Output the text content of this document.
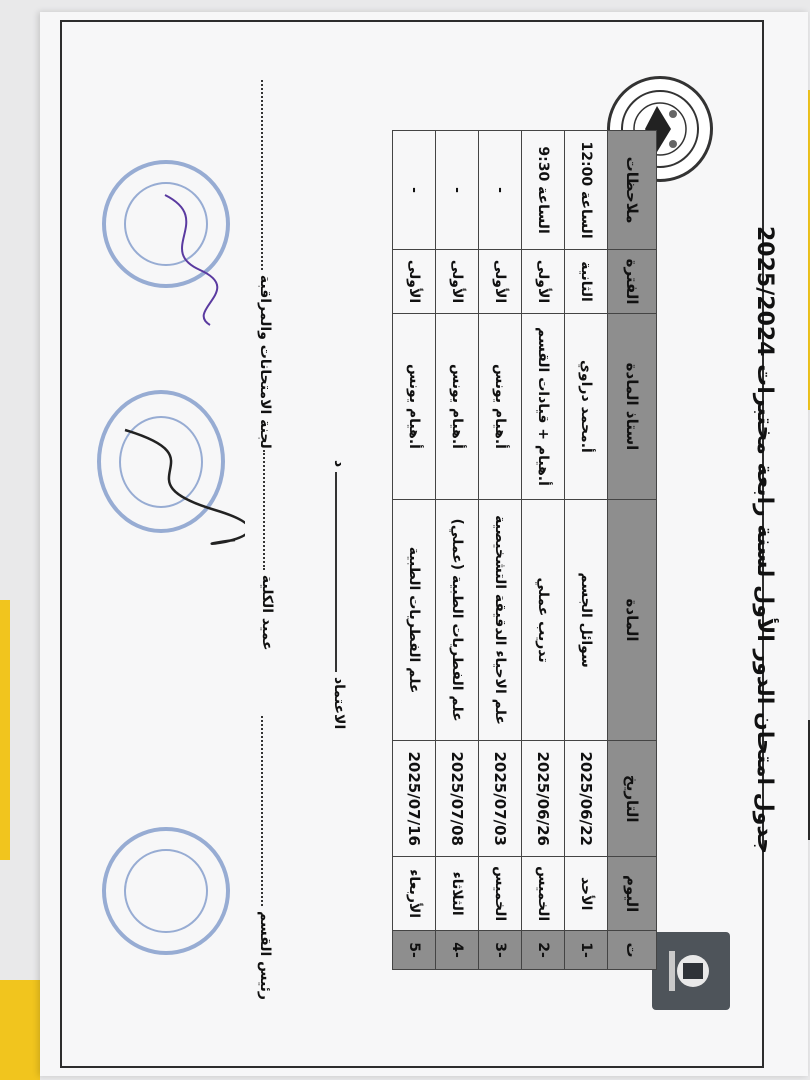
جدول امتحان الدور الأول لسنة رابعة مختبرات 2025/2024
ت	اليوم	التاريخ	المادة	استاذ المادة	الفترة	ملاحظات
-1	الأحد	2025/06/22	سوائل الجسم	أ.محمد دراوي	الثانية	الساعة 12:00
-2	الخميس	2025/06/26	تدريب عملي	أ.هيام + قيادات القسم	الأولى	الساعة 9:30
-3	الخميس	2025/07/03	علم الاحياء الدقيقة التشخيصية	أ.هيام يونس	الأولى	-
-4	الثلاثاء	2025/07/08	علم الفطريات الطبية (عملي)	أ.هيام يونس	الأولى	-
-5	الأربعاء	2025/07/16	علم الفطريات الطبية	أ.هيام يونس	الأولى	-
لجنة الامتحانات والمراقبة
عميد الكلية
الاعتماد  د
رئيس القسم
